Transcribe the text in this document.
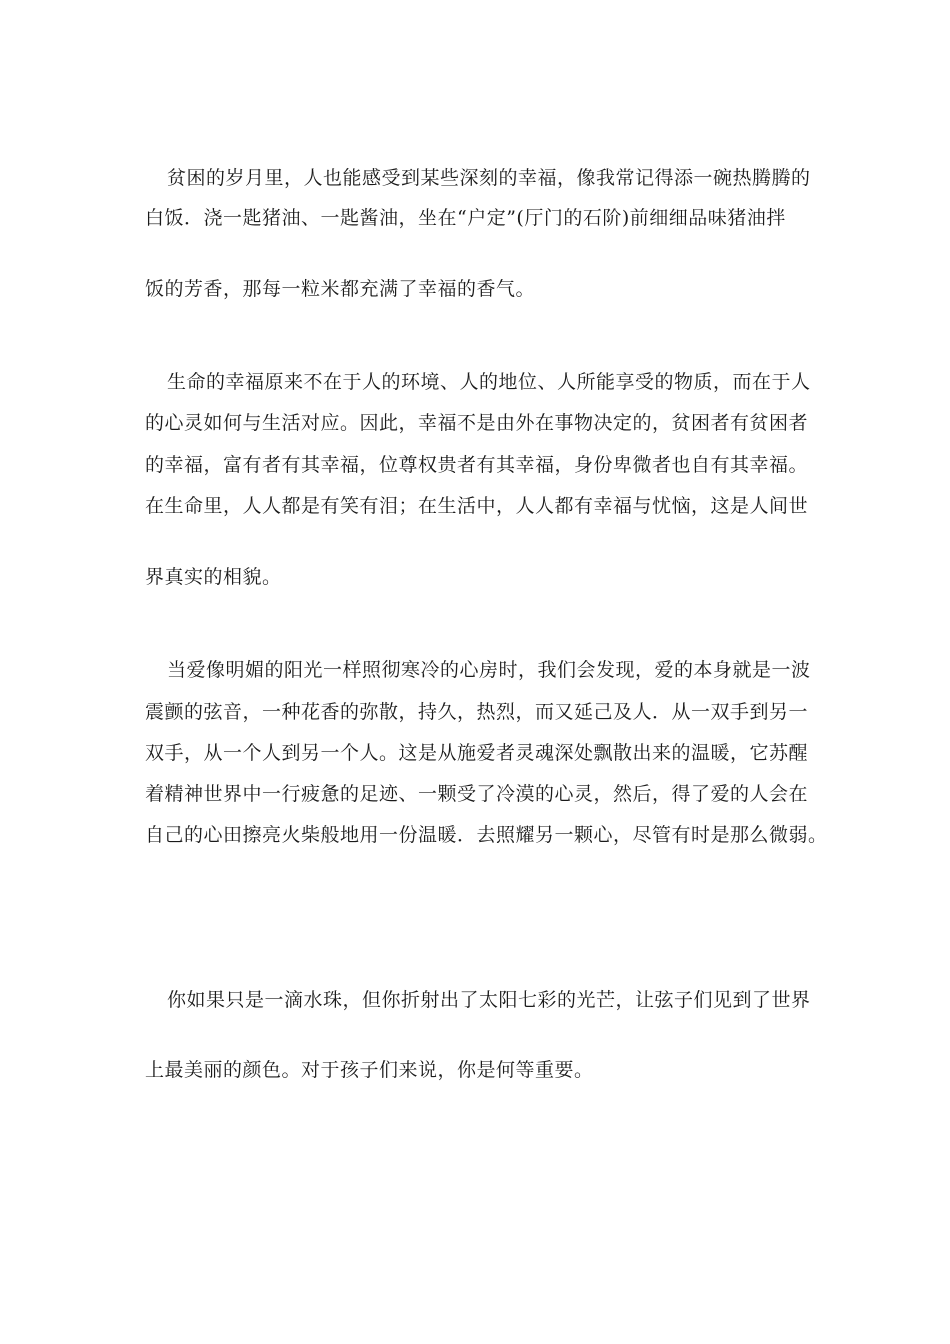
贫困的岁月里，人也能感受到某些深刻的幸福，像我常记得添一碗热腾腾的
白饭．浇一匙猪油、一匙酱油，坐在“户定”(厅门的石阶)前细细品味猪油拌
饭的芳香，那每一粒米都充满了幸福的香气。
生命的幸福原来不在于人的环境、人的地位、人所能享受的物质，而在于人
的心灵如何与生活对应。因此，幸福不是由外在事物决定的，贫困者有贫困者
的幸福，富有者有其幸福，位尊权贵者有其幸福，身份卑微者也自有其幸福。
在生命里，人人都是有笑有泪；在生活中，人人都有幸福与忧恼，这是人间世
界真实的相貌。
当爱像明媚的阳光一样照彻寒冷的心房时，我们会发现，爱的本身就是一波
震颤的弦音，一种花香的弥散，持久，热烈，而又延己及人．从一双手到另一
双手，从一个人到另一个人。这是从施爱者灵魂深处飘散出来的温暖，它苏醒
着精神世界中一行疲惫的足迹、一颗受了冷漠的心灵，然后，得了爱的人会在
自己的心田擦亮火柴般地用一份温暖．去照耀另一颗心，尽管有时是那么微弱。
你如果只是一滴水珠，但你折射出了太阳七彩的光芒，让弦子们见到了世界
上最美丽的颜色。对于孩子们来说，你是何等重要。
